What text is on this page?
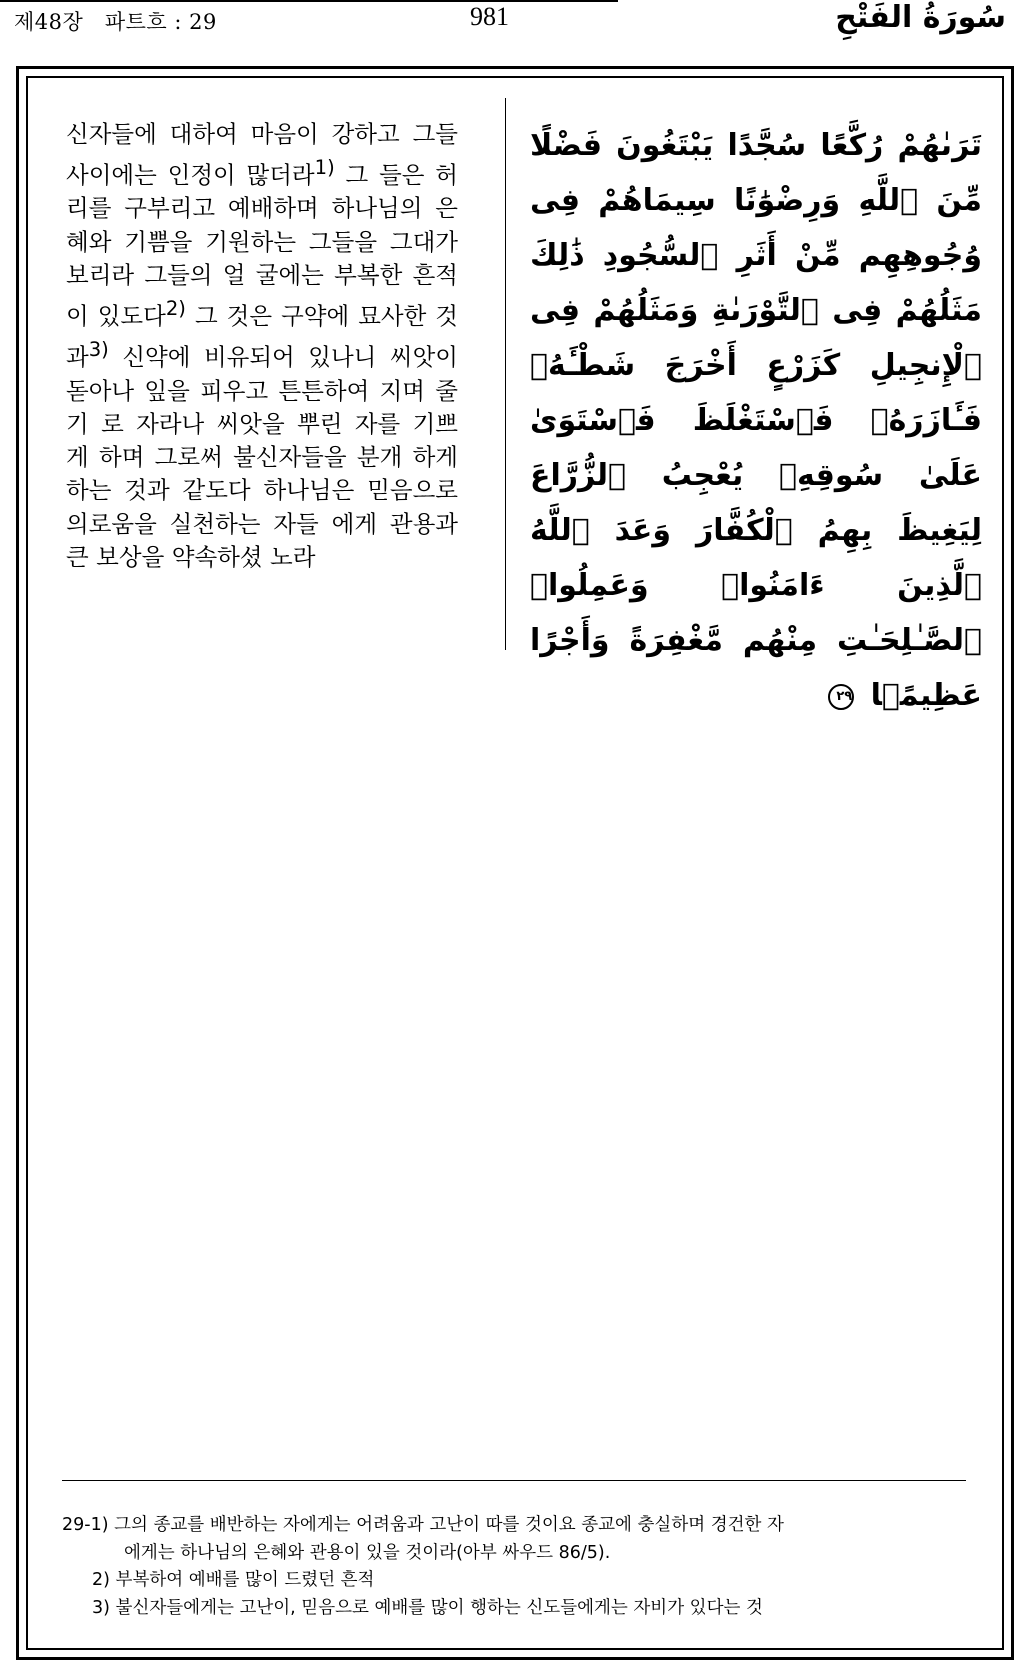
제48장 파트흐 : 29	981	سُورَةُ الفَتْحِ
신자들에 대하여 마음이 강하고 그들 사이에는 인정이 많더라$^{1)}$ 그 들은 허리를 구부리고 예배하며 하나님의 은혜와 기쁨을 기원하는 그들을 그대가 보리라 그들의 얼 굴에는 부복한 흔적이 있도다$^{2)}$ 그 것은 구약에 묘사한 것과$^{3)}$ 신약에 비유되어 있나니 씨앗이 돋아나 잎을 피우고 튼튼하여 지며 줄기 로 자라나 씨앗을 뿌린 자를 기쁘 게 하며 그로써 불신자들을 분개 하게 하는 것과 같도다 하나님은 믿음으로 의로움을 실천하는 자들 에게 관용과 큰 보상을 약속하셨 노라
تَرَىٰهُمْ رُكَّعًا سُجَّدًا يَبْتَغُونَ فَضْلًا مِّنَ ٱللَّهِ وَرِضْوَٰنًا سِيمَاهُمْ فِى وُجُوهِهِم مِّنْ أَثَرِ ٱلسُّجُودِ ذَٰلِكَ مَثَلُهُمْ فِى ٱلتَّوْرَىٰةِ وَمَثَلُهُمْ فِى ٱلْإِنجِيلِ كَزَرْعٍ أَخْرَجَ شَطْـَٔهُۥ فَـَٔازَرَهُۥ فَٱسْتَغْلَظَ فَٱسْتَوَىٰ عَلَىٰ سُوقِهِۦ يُعْجِبُ ٱلزُّرَّاعَ لِيَغِيظَ بِهِمُ ٱلْكُفَّارَ وَعَدَ ٱللَّهُ ٱلَّذِينَ ءَامَنُوا۟ وَعَمِلُوا۟ ٱلصَّـٰلِحَـٰتِ مِنْهُم مَّغْفِرَةً وَأَجْرًا عَظِيمًۢا ٢٩
29-1) 그의 종교를 배반하는 자에게는 어려움과 고난이 따를 것이요 종교에 충실하며 경건한 자
에게는 하나님의 은혜와 관용이 있을 것이라(아부 싸우드 86/5).
2) 부복하여 예배를 많이 드렸던 흔적
3) 불신자들에게는 고난이, 믿음으로 예배를 많이 행하는 신도들에게는 자비가 있다는 것
